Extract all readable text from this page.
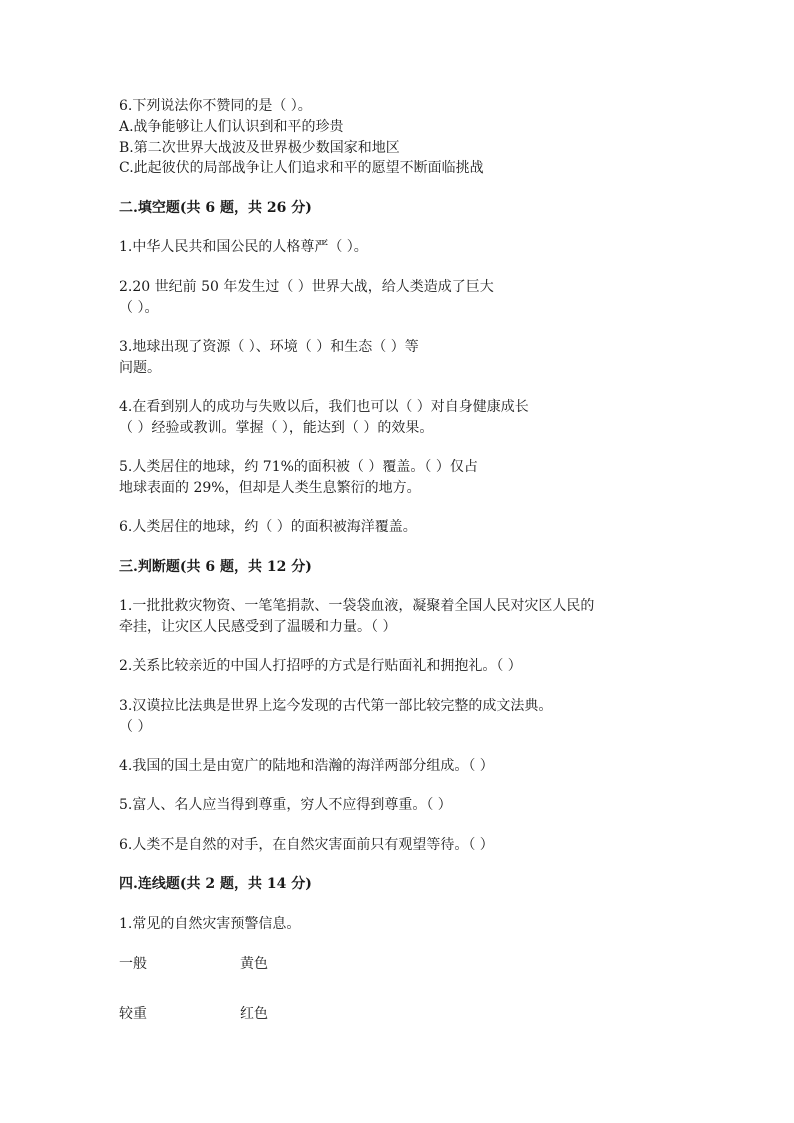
6.下列说法你不赞同的是（ ）。
A.战争能够让人们认识到和平的珍贵
B.第二次世界大战波及世界极少数国家和地区
C.此起彼伏的局部战争让人们追求和平的愿望不断面临挑战
二.填空题(共 6 题，共 26 分)
1.中华人民共和国公民的人格尊严（ ）。
2.20 世纪前 50 年发生过（ ）世界大战，给人类造成了巨大
（ ）。
3.地球出现了资源（ ）、环境（ ）和生态（ ）等
问题。
4.在看到别人的成功与失败以后，我们也可以（ ）对自身健康成长
（ ）经验或教训。掌握（ ），能达到（ ）的效果。
5.人类居住的地球，约 71%的面积被（ ）覆盖。（ ）仅占
地球表面的 29%，但却是人类生息繁衍的地方。
6.人类居住的地球，约（ ）的面积被海洋覆盖。
三.判断题(共 6 题，共 12 分)
1.一批批救灾物资、一笔笔捐款、一袋袋血液，凝聚着全国人民对灾区人民的
牵挂，让灾区人民感受到了温暖和力量。（ ）
2.关系比较亲近的中国人打招呼的方式是行贴面礼和拥抱礼。（ ）
3.汉谟拉比法典是世界上迄今发现的古代第一部比较完整的成文法典。
（ ）
4.我国的国土是由宽广的陆地和浩瀚的海洋两部分组成。（ ）
5.富人、名人应当得到尊重，穷人不应得到尊重。（ ）
6.人类不是自然的对手，在自然灾害面前只有观望等待。（ ）
四.连线题(共 2 题，共 14 分)
1.常见的自然灾害预警信息。
一般	黄色
较重	红色
